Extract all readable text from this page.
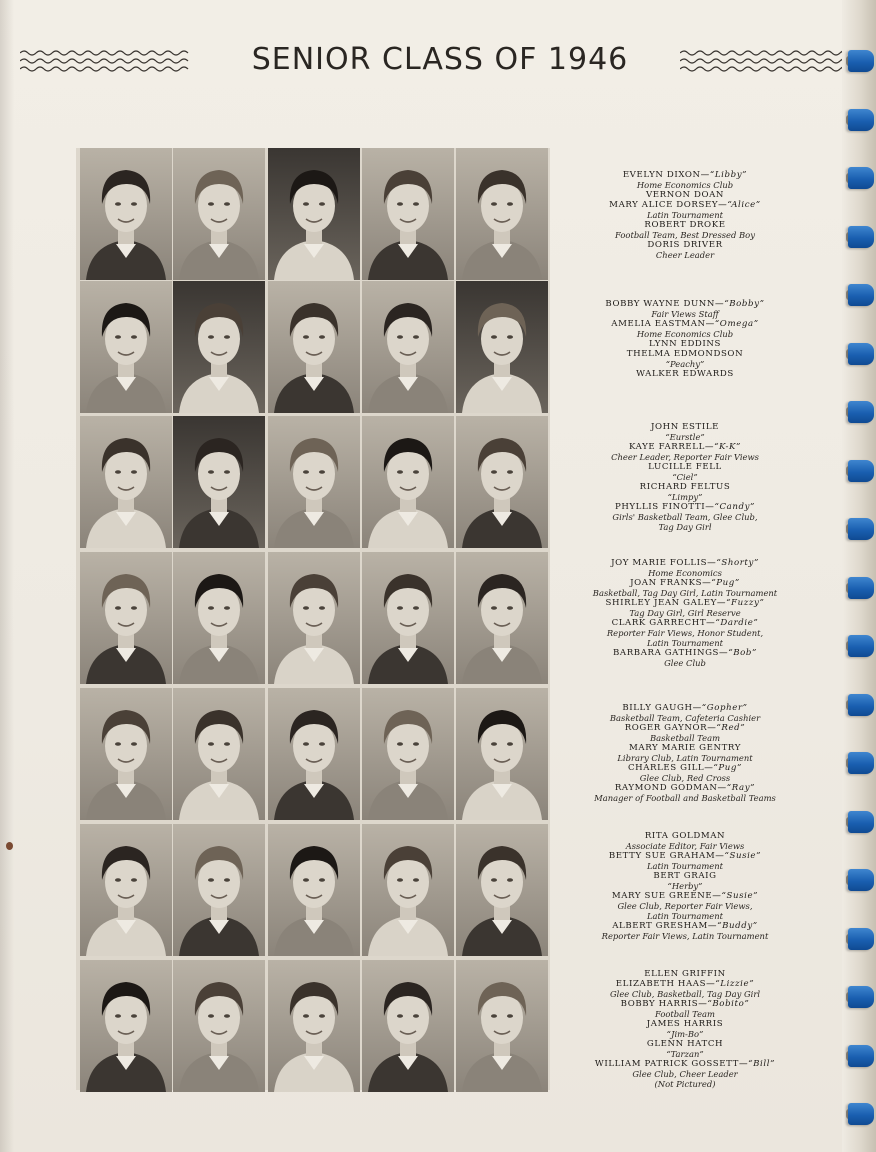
SENIOR CLASS OF 1946
EVELYN DIXON—“Libby”
Home Economics Club
VERNON DOAN
MARY ALICE DORSEY—“Alice”
Latin Tournament
ROBERT DROKE
Football Team, Best Dressed Boy
DORIS DRIVER
Cheer Leader
BOBBY WAYNE DUNN—“Bobby”
Fair Views Staff
AMELIA EASTMAN—“Omega”
Home Economics Club
LYNN EDDINS
THELMA EDMONDSON
“Peachy”
WALKER EDWARDS
JOHN ESTILE
“Eurstle”
KAYE FARRELL—“K-K”
Cheer Leader, Reporter Fair Views
LUCILLE FELL
“Ciel”
RICHARD FELTUS
“Limpy”
PHYLLIS FINOTTI—“Candy”
Girls' Basketball Team, Glee Club,
Tag Day Girl
JOY MARIE FOLLIS—“Shorty”
Home Economics
JOAN FRANKS—“Pug”
Basketball, Tag Day Girl, Latin Tournament
SHIRLEY JEAN GALEY—“Fuzzy”
Tag Day Girl, Girl Reserve
CLARK GARRECHT—“Dardie”
Reporter Fair Views, Honor Student,
Latin Tournament
BARBARA GATHINGS—“Bob”
Glee Club
BILLY GAUGH—“Gopher”
Basketball Team, Cafeteria Cashier
ROGER GAYNOR—“Red”
Basketball Team
MARY MARIE GENTRY
Library Club, Latin Tournament
CHARLES GILL—“Pug”
Glee Club, Red Cross
RAYMOND GODMAN—“Ray”
Manager of Football and Basketball Teams
RITA GOLDMAN
Associate Editor, Fair Views
BETTY SUE GRAHAM—“Susie”
Latin Tournament
BERT GRAIG
“Herby”
MARY SUE GREENE—“Susie”
Glee Club, Reporter Fair Views,
Latin Tournament
ALBERT GRESHAM—“Buddy”
Reporter Fair Views, Latin Tournament
ELLEN GRIFFIN
ELIZABETH HAAS—“Lizzie”
Glee Club, Basketball, Tag Day Girl
BOBBY HARRIS—“Bobito”
Football Team
JAMES HARRIS
“Jim-Bo”
GLENN HATCH
“Tarzan”
WILLIAM PATRICK GOSSETT—“Bill”
Glee Club, Cheer Leader
(Not Pictured)
